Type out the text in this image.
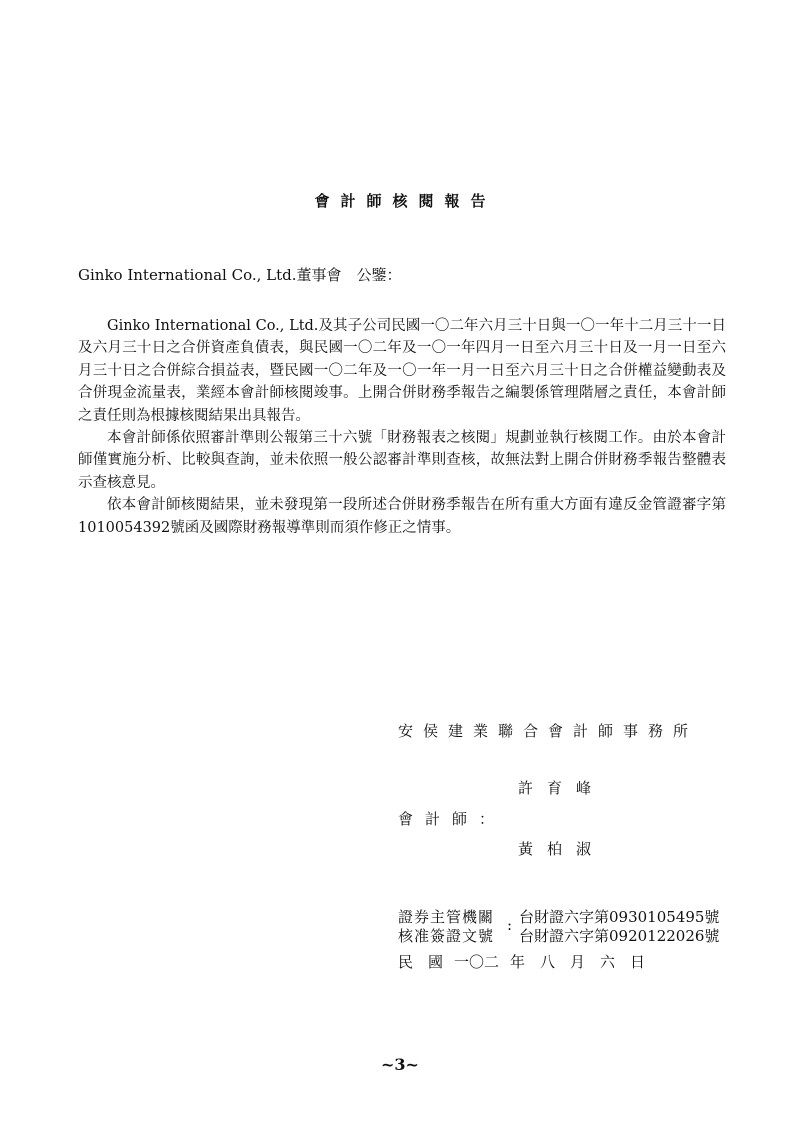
會計師核閱報告
Ginko International Co., Ltd.董事會　公鑒：

Ginko International Co., Ltd.及其子公司民國一〇二年六月三十日與一〇一年十二月三十一日及六月三十日之合併資產負債表，與民國一〇二年及一〇一年四月一日至六月三十日及一月一日至六月三十日之合併綜合損益表，暨民國一〇二年及一〇一年一月一日至六月三十日之合併權益變動表及合併現金流量表，業經本會計師核閱竣事。上開合併財務季報告之編製係管理階層之責任，本會計師之責任則為根據核閱結果出具報告。

本會計師係依照審計準則公報第三十六號「財務報表之核閱」規劃並執行核閱工作。由於本會計師僅實施分析、比較與查詢，並未依照一般公認審計準則查核，故無法對上開合併財務季報告整體表示查核意見。

依本會計師核閱結果，並未發現第一段所述合併財務季報告在所有重大方面有違反金管證審字第1010054392號函及國際財務報導準則而須作修正之情事。

安侯建業聯合會計師事務所
許育峰
會計師：
黃柏淑
證券主管機關
核准簽證文號
: 台財證六字第0930105495號
台財證六字第0920122026號
民　國 一〇二 年 八 月 六 日
~3~
